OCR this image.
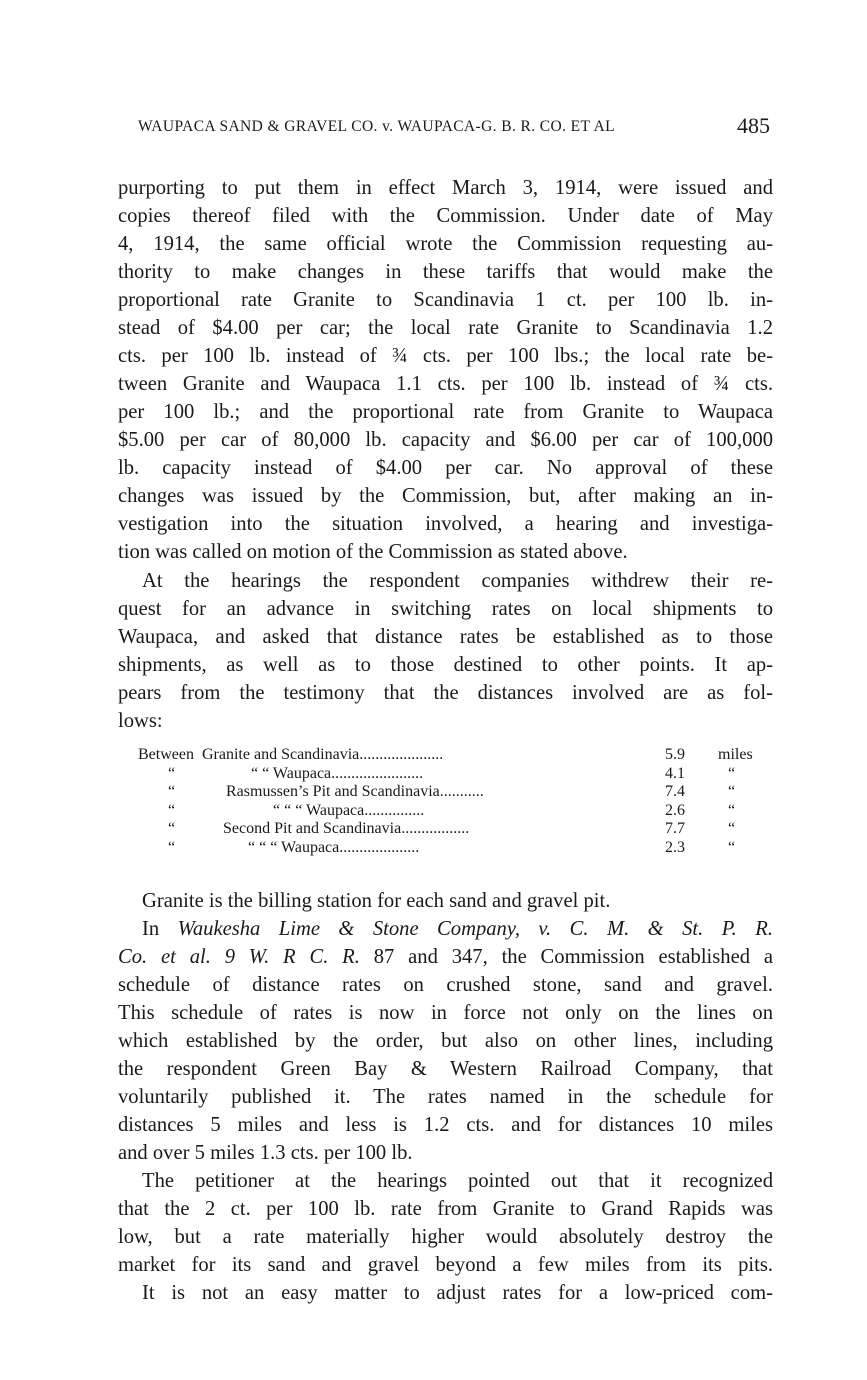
WAUPACA SAND & GRAVEL CO. v. WAUPACA-G. B. R. CO. ET AL	485
purporting to put them in effect March 3, 1914, were issued and
copies thereof filed with the Commission. Under date of May
4, 1914, the same official wrote the Commission requesting au-
thority to make changes in these tariffs that would make the
proportional rate Granite to Scandinavia 1 ct. per 100 lb. in-
stead of $4.00 per car; the local rate Granite to Scandinavia 1.2
cts. per 100 lb. instead of ¾ cts. per 100 lbs.; the local rate be-
tween Granite and Waupaca 1.1 cts. per 100 lb. instead of ¾ cts.
per 100 lb.; and the proportional rate from Granite to Waupaca
$5.00 per car of 80,000 lb. capacity and $6.00 per car of 100,000
lb. capacity instead of $4.00 per car. No approval of these
changes was issued by the Commission, but, after making an in-
vestigation into the situation involved, a hearing and investiga-
tion was called on motion of the Commission as stated above.
At the hearings the respondent companies withdrew their re-
quest for an advance in switching rates on local shipments to
Waupaca, and asked that distance rates be established as to those
shipments, as well as to those destined to other points. It ap-
pears from the testimony that the distances involved are as fol-
lows:
Between Granite and Scandinavia.....................	5.9 miles
“	“ “ Waupaca.......................	4.1	“
“	Rasmussen’s Pit and Scandinavia...........	7.4	“
“	“ “ “ Waupaca...............	2.6	“
“	Second Pit and Scandinavia.................	7.7	“
“	“ “ “ Waupaca....................	2.3	“
Granite is the billing station for each sand and gravel pit.
In Waukesha Lime & Stone Company, v. C. M. & St. P. R.
Co. et al. 9 W. R C. R. 87 and 347, the Commission established a
schedule of distance rates on crushed stone, sand and gravel.
This schedule of rates is now in force not only on the lines on
which established by the order, but also on other lines, including
the respondent Green Bay & Western Railroad Company, that
voluntarily published it. The rates named in the schedule for
distances 5 miles and less is 1.2 cts. and for distances 10 miles
and over 5 miles 1.3 cts. per 100 lb.
The petitioner at the hearings pointed out that it recognized
that the 2 ct. per 100 lb. rate from Granite to Grand Rapids was
low, but a rate materially higher would absolutely destroy the
market for its sand and gravel beyond a few miles from its pits.
It is not an easy matter to adjust rates for a low-priced com-
